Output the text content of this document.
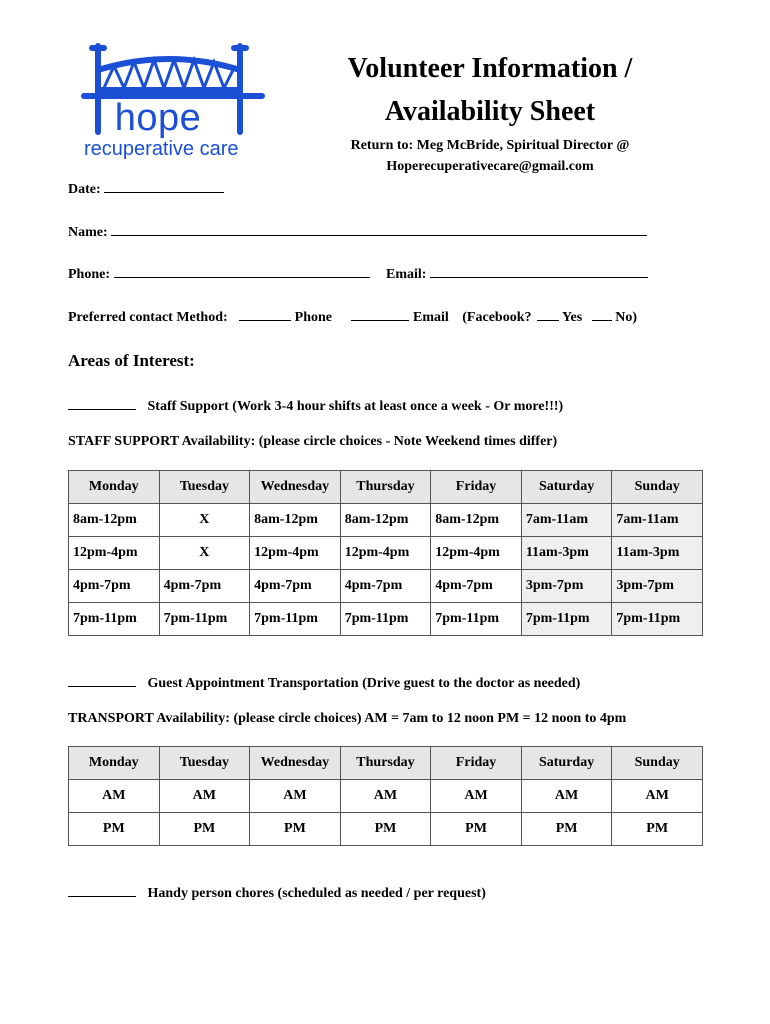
hope
recuperative care
Volunteer Information /
Availability Sheet
Return to: Meg McBride, Spiritual Director @
Hoperecuperativecare@gmail.com
Date:
Name:
Phone:	Email:
Preferred contact Method:	Phone	Email (Facebook? Yes No)
Areas of Interest:
Staff Support (Work 3-4 hour shifts at least once a week - Or more!!!)
STAFF SUPPORT Availability: (please circle choices - Note Weekend times differ)
Monday	Tuesday	Wednesday	Thursday	Friday	Saturday	Sunday
8am-12pm	X	8am-12pm	8am-12pm	8am-12pm	7am-11am	7am-11am
12pm-4pm	X	12pm-4pm	12pm-4pm	12pm-4pm	11am-3pm	11am-3pm
4pm-7pm	4pm-7pm	4pm-7pm	4pm-7pm	4pm-7pm	3pm-7pm	3pm-7pm
7pm-11pm	7pm-11pm	7pm-11pm	7pm-11pm	7pm-11pm	7pm-11pm	7pm-11pm
Guest Appointment Transportation (Drive guest to the doctor as needed)
TRANSPORT Availability: (please circle choices) AM = 7am to 12 noon PM = 12 noon to 4pm
Monday	Tuesday	Wednesday	Thursday	Friday	Saturday	Sunday
AM	AM	AM	AM	AM	AM	AM
PM	PM	PM	PM	PM	PM	PM
Handy person chores (scheduled as needed / per request)
